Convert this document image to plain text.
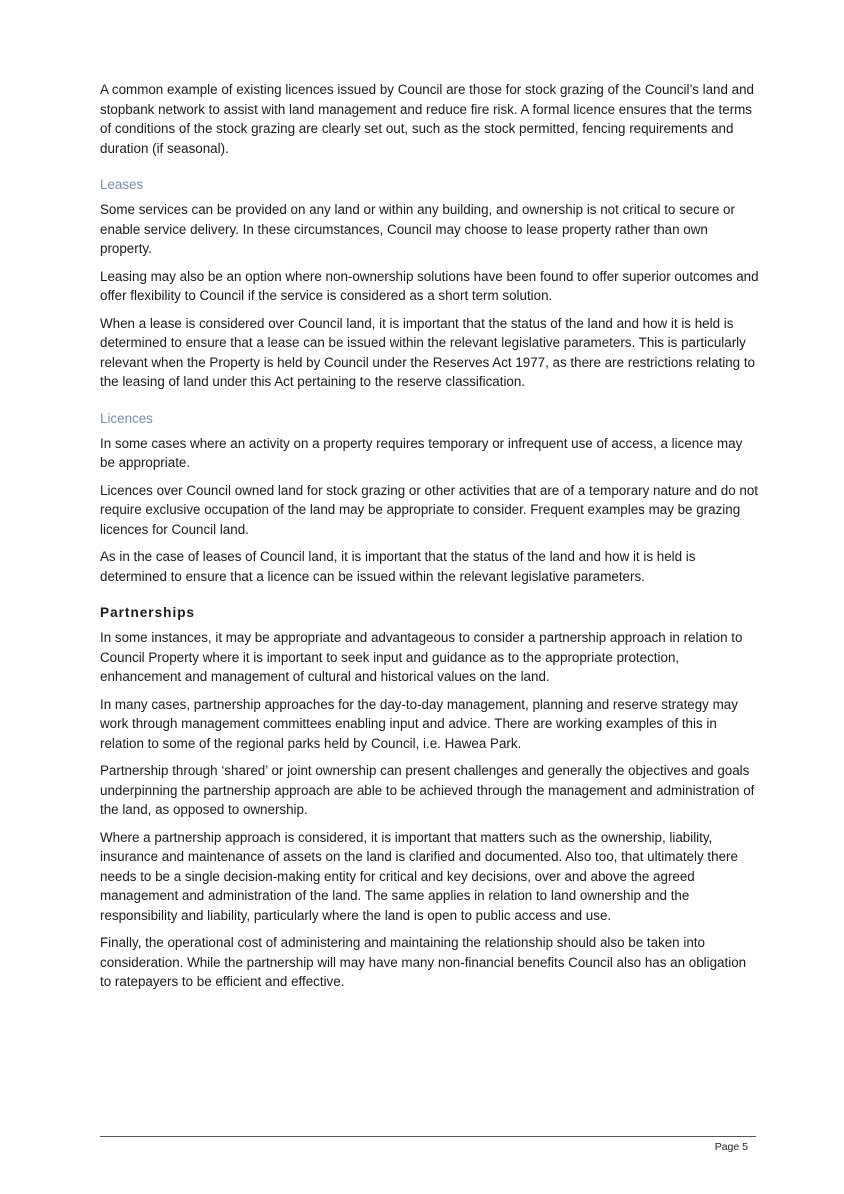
A common example of existing licences issued by Council are those for stock grazing of the Council’s land and stopbank network to assist with land management and reduce fire risk. A formal licence ensures that the terms of conditions of the stock grazing are clearly set out, such as the stock permitted, fencing requirements and duration (if seasonal).

Leases

Some services can be provided on any land or within any building, and ownership is not critical to secure or enable service delivery. In these circumstances, Council may choose to lease property rather than own property.

Leasing may also be an option where non-ownership solutions have been found to offer superior outcomes and offer flexibility to Council if the service is considered as a short term solution.

When a lease is considered over Council land, it is important that the status of the land and how it is held is determined to ensure that a lease can be issued within the relevant legislative parameters. This is particularly relevant when the Property is held by Council under the Reserves Act 1977, as there are restrictions relating to the leasing of land under this Act pertaining to the reserve classification.

Licences

In some cases where an activity on a property requires temporary or infrequent use of access, a licence may be appropriate.

Licences over Council owned land for stock grazing or other activities that are of a temporary nature and do not require exclusive occupation of the land may be appropriate to consider. Frequent examples may be grazing licences for Council land.

As in the case of leases of Council land, it is important that the status of the land and how it is held is determined to ensure that a licence can be issued within the relevant legislative parameters.

Partnerships

In some instances, it may be appropriate and advantageous to consider a partnership approach in relation to Council Property where it is important to seek input and guidance as to the appropriate protection, enhancement and management of cultural and historical values on the land.

In many cases, partnership approaches for the day-to-day management, planning and reserve strategy may work through management committees enabling input and advice. There are working examples of this in relation to some of the regional parks held by Council, i.e. Hawea Park.

Partnership through ‘shared’ or joint ownership can present challenges and generally the objectives and goals underpinning the partnership approach are able to be achieved through the management and administration of the land, as opposed to ownership.

Where a partnership approach is considered, it is important that matters such as the ownership, liability, insurance and maintenance of assets on the land is clarified and documented. Also too, that ultimately there needs to be a single decision-making entity for critical and key decisions, over and above the agreed management and administration of the land. The same applies in relation to land ownership and the responsibility and liability, particularly where the land is open to public access and use.

Finally, the operational cost of administering and maintaining the relationship should also be taken into consideration. While the partnership will may have many non-financial benefits Council also has an obligation to ratepayers to be efficient and effective.

Page 5
